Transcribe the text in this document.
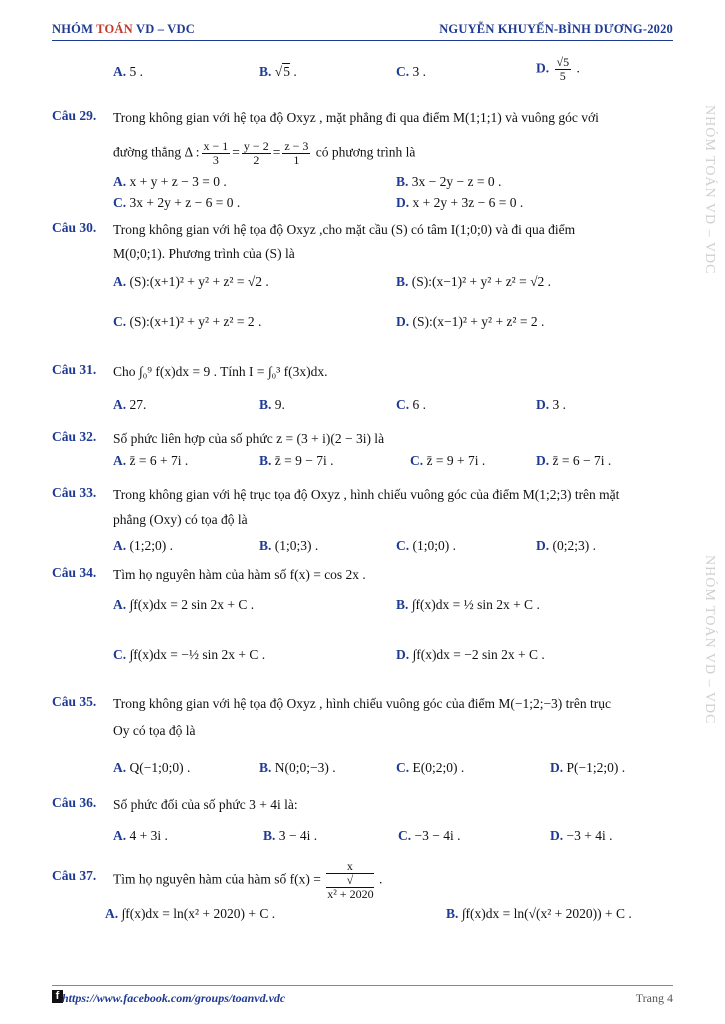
NHÓM TOÁN VD – VDC	NGUYỄN KHUYẾN-BÌNH DƯƠNG-2020
NHÓM TOÁN VD – VDC
NHÓM TOÁN VD – VDC
A. 5 .	B. √5 .	C. 3 .	D. $\frac{√5}{5}$ .
Câu 29. Trong không gian với hệ tọa độ Oxyz , mặt phẳng đi qua điểm M(1;1;1) và vuông góc với
đường thẳng Δ : $\frac{x - 1}{3} = \frac{y - 2}{2} = \frac{z - 3}{1}$ có phương trình là
A. x + y + z − 3 = 0 .	B. 3x − 2y − z = 0 .
C. 3x + 2y + z − 6 = 0 .	D. x + 2y + 3z − 6 = 0 .
Câu 30. Trong không gian với hệ tọa độ Oxyz ,cho mặt cầu (S) có tâm I(1;0;0) và đi qua điểm
M(0;0;1). Phương trình của (S) là
A. (S):(x+1)² + y² + z² = √2 .	B. (S):(x−1)² + y² + z² = √2 .
C. (S):(x+1)² + y² + z² = 2 .	D. (S):(x−1)² + y² + z² = 2 .
Câu 31. Cho ∫₀⁹ f(x)dx = 9 . Tính I = ∫₀³ f(3x)dx.
A. 27.	B. 9.	C. 6 .	D. 3 .
Câu 32. Số phức liên hợp của số phức z = (3 + i)(2 − 3i) là
A. z̄ = 6 + 7i .	B. z̄ = 9 − 7i .	C. z̄ = 9 + 7i .	D. z̄ = 6 − 7i .
Câu 33. Trong không gian với hệ trục tọa độ Oxyz , hình chiếu vuông góc của điểm M(1;2;3) trên mặt
phẳng (Oxy) có tọa độ là
A. (1;2;0) .	B. (1;0;3) .	C. (1;0;0) .	D. (0;2;3) .
Câu 34. Tìm họ nguyên hàm của hàm số f(x) = cos 2x .
A. ∫f(x)dx = 2 sin 2x + C .	B. ∫f(x)dx = ½ sin 2x + C .
C. ∫f(x)dx = −½ sin 2x + C .	D. ∫f(x)dx = −2 sin 2x + C .
Câu 35. Trong không gian với hệ tọa độ Oxyz , hình chiếu vuông góc của điểm M(−1;2;−3) trên trục
Oy có tọa độ là
A. Q(−1;0;0) .	B. N(0;0;−3) .	C. E(0;2;0) .	D. P(−1;2;0) .
Câu 36. Số phức đối của số phức 3 + 4i là:
A. 4 + 3i .	B. 3 − 4i .	C. −3 − 4i .	D. −3 + 4i .
Câu 37. Tìm họ nguyên hàm của hàm số f(x) = x
√
x² + 2020 .
A. ∫f(x)dx = ln(x² + 2020) + C .	B. ∫f(x)dx = ln(√(x² + 2020)) + C .
f https://www.facebook.com/groups/toanvd.vdc	Trang 4
